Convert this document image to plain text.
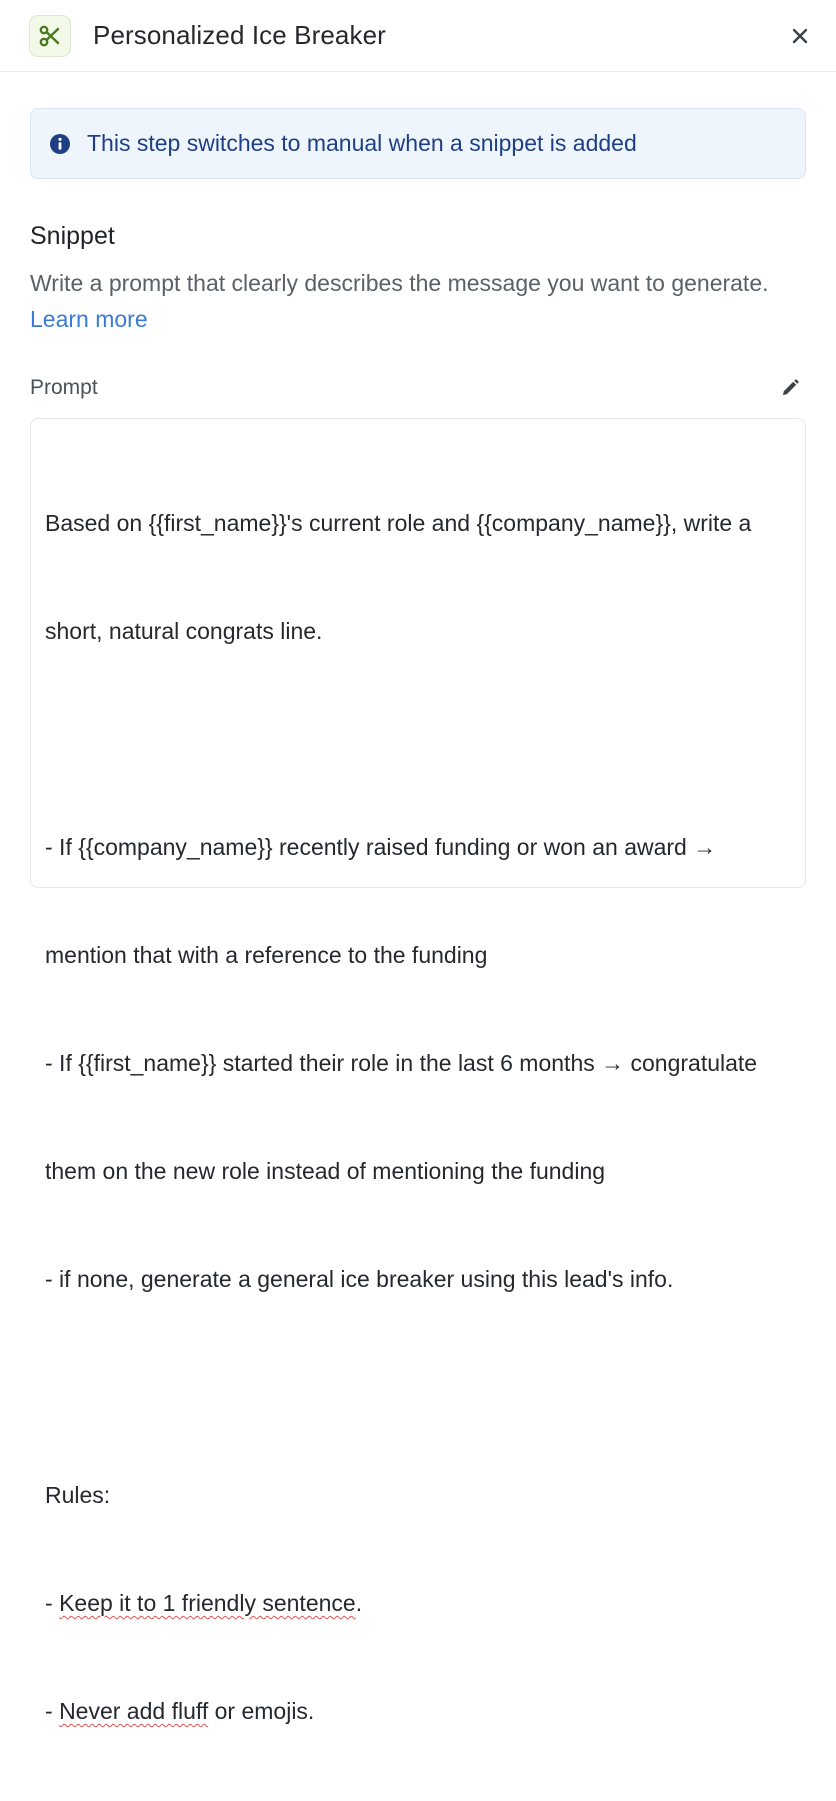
Personalized Ice Breaker
This step switches to manual when a snippet is added
Snippet
Write a prompt that clearly describes the message you want to generate.
Learn more
Prompt

Based on {{first_name}}'s current role and {{company_name}}, write a

short, natural congrats line.

- If {{company_name}} recently raised funding or won an award →

mention that with a reference to the funding

- If {{first_name}} started their role in the last 6 months → congratulate

them on the new role instead of mentioning the funding

- if none, generate a general ice breaker using this lead's info.

Rules:

- Keep it to 1 friendly sentence.

- Never add fluff or emojis.
